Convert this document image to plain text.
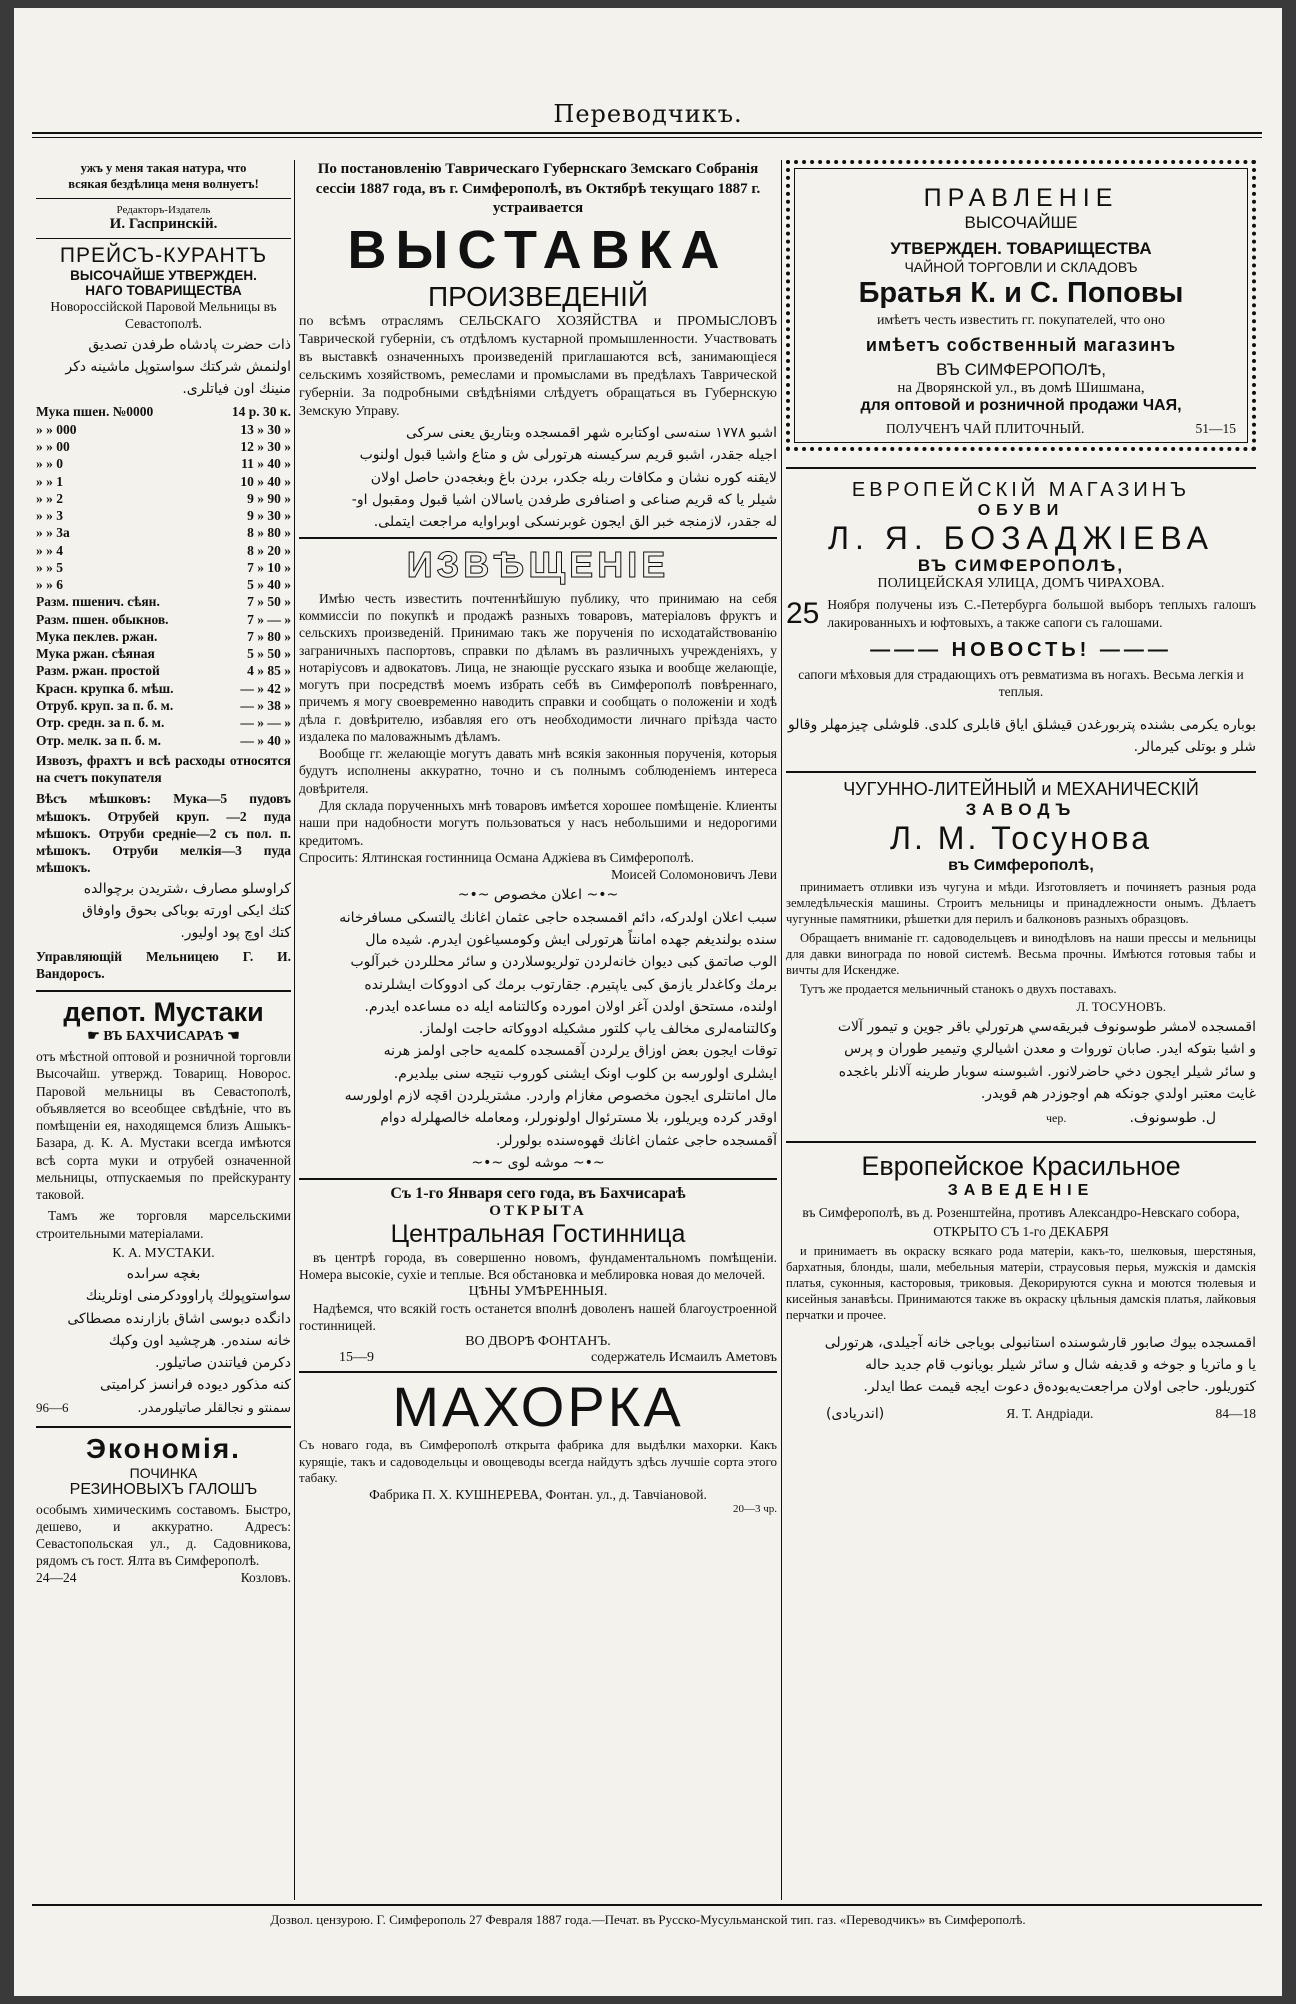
Переводчикъ.

ужъ у меня такая натура, что

всякая бездѣлица меня волнуетъ!

Редакторъ-Издатель

И. Гаспринскій.

ПРЕЙСЪ-КУРАНТЪ

ВЫСОЧАЙШЕ УТВЕРЖДЕН.

НАГО ТОВАРИЩЕСТВА

Новороссійской Паровой Мельницы въ Севастополѣ.

ذات حضرت پادشاه طرفدن تصدیق

اولنمش شرکتك سواستوپل ماشینه دکر

منینك اون فیاتلری.

Мука пшен. №0000	14 р. 30 к.
» » 000	13 » 30 »
» » 00	12 » 30 »
» » 0	11 » 40 »
» » 1	10 » 40 »
» » 2	9 » 90 »
» » 3	9 » 30 »
» » 3а	8 » 80 »
» » 4	8 » 20 »
» » 5	7 » 10 »
» » 6	5 » 40 »
Разм. пшенич. сѣян.	7 » 50 »
Разм. пшен. обыкнов.	7 » — »
Мука пеклев. ржан.	7 » 80 »
Мука ржан. сѣяная	5 » 50 »
Разм. ржан. простой	4 » 85 »
Красн. крупка б. мѣш.	— » 42 »
Отруб. круп. за п. б. м.	— » 38 »
Отр. средн. за п. б. м.	— » — »
Отр. мелк. за п. б. м.	— » 40 »

Извозъ, фрахтъ и всѣ расходы относятся на счетъ покупателя

Вѣсъ мѣшковъ: Мука—5 пудовъ мѣшокъ. Отрубей круп. —2 пуда мѣшокъ. Отруби средніе—2 съ пол. п. мѣшокъ. Отруби мелкія—3 пуда мѣшокъ.

كراوسلو مصارف ،شتریدن برچوالده

کتك ايكی اورته بوباكی بحوق واوفاق

کتك اوچ پود اولیور.

Управляющій Мельницею Г. И. Вандоросъ.

депот. Мустаки

☛ ВЪ БАХЧИСАРАѢ ☚

отъ мѣстной оптовой и розничной торговли Высочайш. утвержд. Товарищ. Новорос. Паровой мельницы въ Севастополѣ, объявляется во всеобщее свѣдѣніе, что въ помѣщеніи ея, находящемся близъ Ашыкъ-Базара, д. К. А. Мустаки всегда имѣются всѣ сорта муки и отрубей означенной мельницы, отпускаемыя по прейскуранту таковой.

Тамъ же торговля марсельскими строительными матеріалами.

К. А. МУСТАКИ.

بغچه سراىده

سواستوپولك پاراوودکرمنی اونلرینك

دانگده دبوسی اشاق بازارنده مصطاکی

خانه سنده‌ر. هرچشید اون وکپك

دکرمن فیاتندن صاتیلور.

کنه مذکور دیوده فرانسز کراميتی

96—6	سمنتو و نجالقلر صاتیلورمدر.

Экономія.

ПОЧИНКА

РЕЗИНОВЫХЪ ГАЛОШЪ

особымъ химическимъ составомъ. Быстро, дешево, и аккуратно. Адресъ: Севастопольская ул., д. Садовникова, рядомъ съ гост. Ялта въ Симферополѣ.

24—24	Козловъ.

По постановленію Таврическаго Губернскаго Земскаго Собранія сессіи 1887 года, въ г. Симферополѣ, въ Октябрѣ текущаго 1887 г. устраивается

ВЫСТАВКА

ПРОИЗВЕДЕНІЙ

по всѣмъ отраслямъ СЕЛЬСКАГО ХОЗЯЙСТВА и ПРОМЫСЛОВЪ Таврической губерніи, съ отдѣломъ кустарной промышленности. Участвовать въ выставкѣ означенныхъ произведеній приглашаются всѣ, занимающіеся сельскимъ хозяйствомъ, ремеслами и промыслами въ предѣлахъ Таврической губерніи. За подробными свѣдѣніями слѣдуетъ обращаться въ Губернскую Земскую Управу.

اشبو ۱۷۷۸ سنه‌سی اوکتابره شهر اقمسجده وبتاریق یعنی سرکی

اجیله جقدر، اشبو قریم سرکیسنه هرتورلی ش و متاع واشیا قبول اولنوب

لایقنه کوره نشان و مکافات ربله جکدر، بردن باغ وبغجه‌دن حاصل اولان

شیلر یا که قریم صناعی و اصنافری طرفدن یاسالان اشیا قبول ومقبول او-

له جقدر، لازمنجه خبر الق ایجون غوبرنسکی اوبراوایه مراجعت ایتملی.

ИЗВѢЩЕНІЕ

Имѣю честь известить почтеннѣйшую публику, что принимаю на себя коммиссіи по покупкѣ и продажѣ разныхъ товаровъ, матеріаловъ фруктъ и сельскихъ произведеній. Принимаю такъ же порученія по исходатайствованію заграничныхъ паспортовъ, справки по дѣламъ въ различныхъ учрежденіяхъ, у нотаріусовъ и адвокатовъ. Лица, не знающіе русскаго языка и вообще желающіе, могутъ при посредствѣ моемъ избрать себѣ въ Симферополѣ повѣреннаго, причемъ я могу своевременно наводить справки и сообщать о положеніи и ходѣ дѣла г. довѣрителю, избавляя его отъ необходимости личнаго пріѣзда часто издалека по маловажнымъ дѣламъ.

Вообще гг. желающіе могутъ давать мнѣ всякія законныя порученія, которыя будутъ исполнены аккуратно, точно и съ полнымъ соблюденіемъ интереса довѣрителя.

Для склада порученныхъ мнѣ товаровъ имѣется хорошее помѣщеніе. Клиенты наши при надобности могутъ пользоваться у насъ небольшими и недорогими кредитомъ.

Спросить: Ялтинская гостинница Османа Аджіева въ Симферополѣ.

Моисей Соломоновичъ Леви

~•~ اعلان مخصوص ~•~

سبب اعلان اولدرکه، دائم اقمسجده حاجی عثمان اغانك یالتسکی مسافرخانه

سنده بولنديغم جهده امانتاً هرتورلی ایش وکومسیاغون ايدرم. شیده مال

الوب صاتمق کبی دیوان خانه‌لردن تو‌لریوسلاردن و سائر محللردن خبرآلوب

برمك وکاغدلر یازمق کبی یاپتیرم. جقارتوب برمك کی ادووکات ایشلرنده

اولنده، مستحق اولدن آغر اولان امورده وکالتنامه ایله ده مساعده ایدرم.

وکالتنامه‌لری مخالف یاپ کلتور مشکیله ادووکاته حاجت اولماز.

توقات ایجون بعض اوزاق یرلردن آقمسجده کلمه‌یه حاجی اولمز هرنه

ایشلری اولورسه بن کلوب اونک ایشنی کوروب نتیجه سنی بیلدیرم.

مال امانتلری ایجون مخصوص مغازام واردر. مشتريلردن اقچه لازم اولورسه

اوقدر کرده ویریلور، بلا مسترئوال اولونورلر، ومعامله خالصهلرله دوام

آقمسجده حاجی عثمان اغانك قهوه‌سنده بولورلر.

~•~ موشه لوی ~•~

Съ 1-го Января сего года, въ Бахчисараѣ

ОТКРЫТА

Центральная Гостинница

въ центрѣ города, въ совершенно новомъ, фундаментальномъ помѣщеніи. Номера высокіе, сухіе и теплые. Вся обстановка и меблировка новая до мелочей.

ЦѢНЫ УМѢРЕННЫЯ.

Надѣемся, что всякій гость останется вполнѣ доволенъ нашей благоустроенной гостинницей.

ВО ДВОРѢ ФОНТАНЪ.

15—9	содержатель Исмаилъ Аметовъ

МАХОРКА

Съ новаго года, въ Симферополѣ открыта фабрика для выдѣлки махорки. Какъ курящіе, такъ и садоводельцы и овощеводы всегда найдутъ здѣсь лучшіе сорта этого табаку.

Фабрика П. Х. КУШНЕРЕВА, Фонтан. ул., д. Тавчіановой.

20—3 чр.

ПРАВЛЕНІЕ

ВЫСОЧАЙШЕ

УТВЕРЖДЕН. ТОВАРИЩЕСТВА

ЧАЙНОЙ ТОРГОВЛИ И СКЛАДОВЪ

Братья К. и С. Поповы

имѣетъ честь известить гг. покупателей, что оно

имѣетъ собственный магазинъ

ВЪ СИМФЕРОПОЛѢ,

на Дворянской ул., въ домѣ Шишмана,

для оптовой и розничной продажи ЧАЯ,

ПОЛУЧЕНЪ ЧАЙ ПЛИТОЧНЫЙ.	51—15

ЕВРОПЕЙСКІЙ МАГАЗИНЪ

ОБУВИ

Л. Я. БОЗАДЖІЕВА

ВЪ СИМФЕРОПОЛѢ,

ПОЛИЦЕЙСКАЯ УЛИЦА, ДОМЪ ЧИРАХОВА.

25 Ноября получены изъ С.-Петербурга большой выборъ теплыхъ галошъ лакированныхъ и юфтовыхъ, а также сапоги съ галошами.

——— НОВОСТЬ! ———

сапоги мѣховыя для страдающихъ отъ ревматизма въ ногахъ. Весьма легкія и теплыя.

بوباره یکرمی بشنده پتربورغدن قیشلق ایاق قابلری کلدی. قلوشلی چیزمهلر وقالو

شلر و بوتلی کیرمالر.

ЧУГУННО-ЛИТЕЙНЫЙ и МЕХАНИЧЕСКІЙ

ЗАВОДЪ

Л. М. Тосунова

въ Симферополѣ,

принимаетъ отливки изъ чугуна и мѣди. Изготовляетъ и починяетъ разныя рода земледѣльческія машины. Строитъ мельницы и принадлежности онымъ. Дѣлаетъ чугунные памятники, рѣшетки для перилъ и балконовъ разныхъ образцовъ.

Обращаетъ вниманіе гг. садоводельцевъ и винодѣловъ на наши прессы и мельницы для давки винограда по новой системѣ. Весьма прочны. Имѣются готовыя табы и вичты для Искендже.

Тутъ же продается мельничный станокъ о двухъ поставахъ.

Л. ТОСУНОВЪ.

اقمسجده لامشر طوسونوف فبريقه‌سي هرتورلي باقر جوين و تيمور آلات

و اشيا بتوکه ايدر. صابان توروات و معدن اشيالري وتيمير طوران و پرس

و سائر شيلر ايجون دخي حاضرلانور. اشبوسنه سوبار طرينه آلانلر باغجده

غايت معتبر اولدي جونكه هم اوجوزدر هم قويدر.

чер.	ل. طوسونوف.

Европейское Красильное

ЗАВЕДЕНІЕ

въ Симферополѣ, въ д. Розенштейна, противъ Александро-Невскаго собора,

ОТКРЫТО СЪ 1-го ДЕКАБРЯ

и принимаетъ въ окраску всякаго рода матеріи, какъ-то, шелковыя, шерстяныя, бархатныя, блонды, шали, мебельныя матеріи, страусовыя перья, мужскія и дамскія платья, суконныя, касторовыя, триковыя. Декорируются сукна и моются тюлевыя и кисейныя занавѣсы. Принимаются также въ окраску цѣльныя дамскія платья, лайковыя перчатки и прочее.

اقمسجده بیوك صابور قارشوسنده استانبولی بویاجی خانه آجیلدی، هرتورلی

یا و ماتریا و جوخه و قدیفه شال و سائر شیلر بویانوب قام جدید حاله

کتوریلور. حاجی اولان مراجعت‌یه‌بوده‌ق دعوت ایجه قیمت عطا ایدلر.

(اندریادی)	Я. Т. Андріади.	84—18

Дозвол. цензурою. Г. Симферополь 27 Февраля 1887 года.—Печат. въ Русско-Мусульманской тип. газ. «Переводчикъ» въ Симферополѣ.
